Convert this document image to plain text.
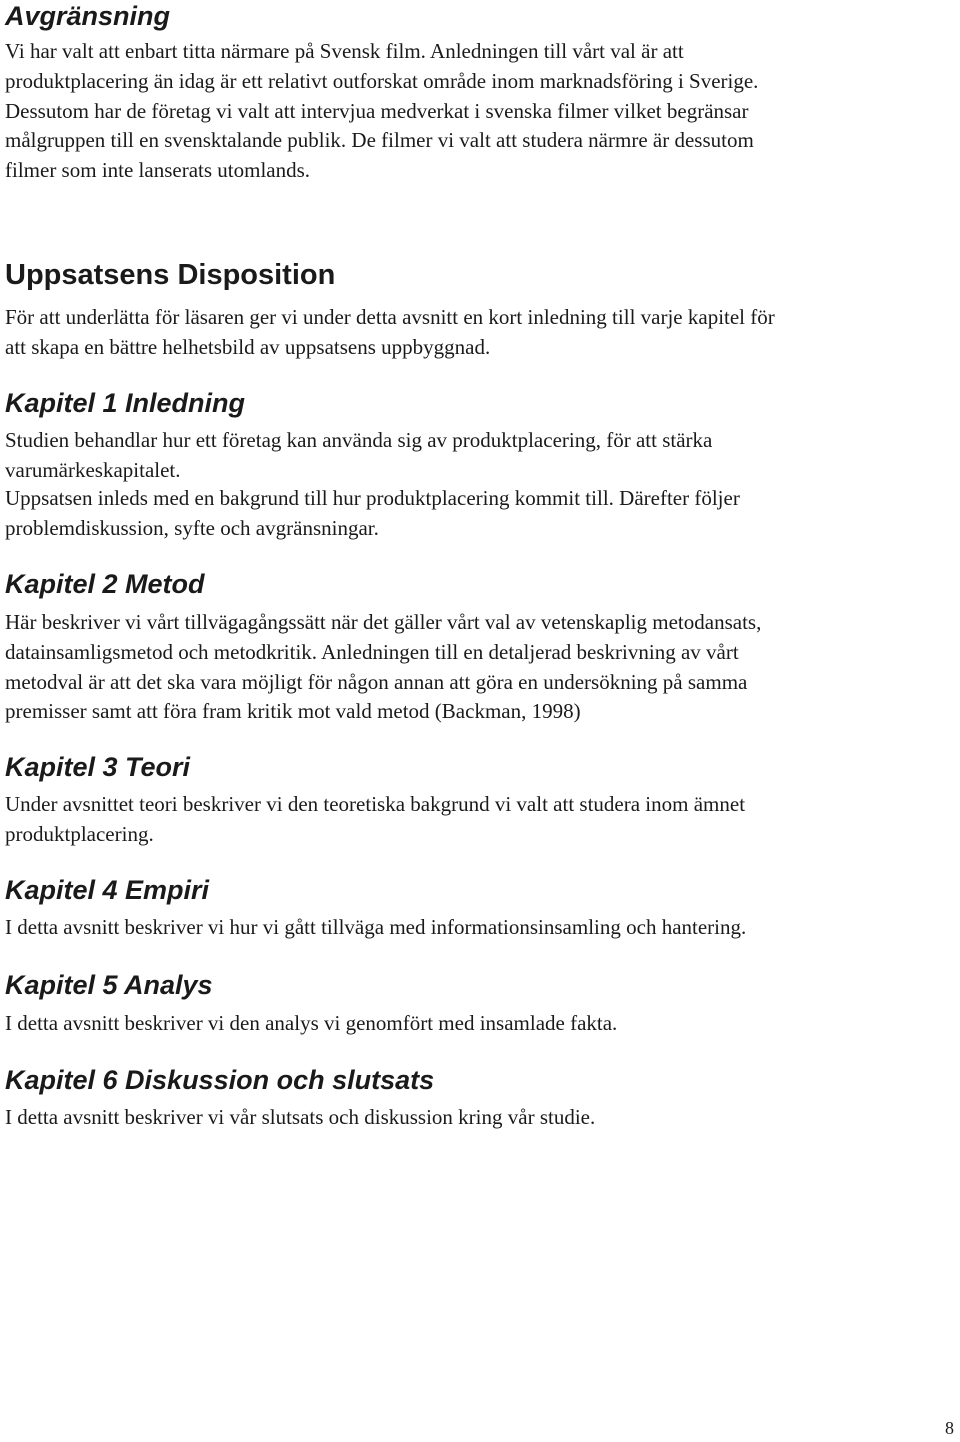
Avgränsning
Vi har valt att enbart titta närmare på Svensk film. Anledningen till vårt val är att
produktplacering än idag är ett relativt outforskat område inom marknadsföring i Sverige.
Dessutom har de företag vi valt att intervjua medverkat i svenska filmer vilket begränsar
målgruppen till en svensktalande publik. De filmer vi valt att studera närmre är dessutom
filmer som inte lanserats utomlands.
Uppsatsens Disposition
För att underlätta för läsaren ger vi under detta avsnitt en kort inledning till varje kapitel för
att skapa en bättre helhetsbild av uppsatsens uppbyggnad.
Kapitel 1 Inledning
Studien behandlar hur ett företag kan använda sig av produktplacering, för att stärka
varumärkeskapitalet.
Uppsatsen inleds med en bakgrund till hur produktplacering kommit till. Därefter följer
problemdiskussion, syfte och avgränsningar.
Kapitel 2 Metod
Här beskriver vi vårt tillvägagångssätt när det gäller vårt val av vetenskaplig metodansats,
datainsamligsmetod och metodkritik. Anledningen till en detaljerad beskrivning av vårt
metodval är att det ska vara möjligt för någon annan att göra en undersökning på samma
premisser samt att föra fram kritik mot vald metod (Backman, 1998)
Kapitel 3 Teori
Under avsnittet teori beskriver vi den teoretiska bakgrund vi valt att studera inom ämnet
produktplacering.
Kapitel 4 Empiri
I detta avsnitt beskriver vi hur vi gått tillväga med informationsinsamling och hantering.
Kapitel 5 Analys
I detta avsnitt beskriver vi den analys vi genomfört med insamlade fakta.
Kapitel 6 Diskussion och slutsats
I detta avsnitt beskriver vi vår slutsats och diskussion kring vår studie.
8
